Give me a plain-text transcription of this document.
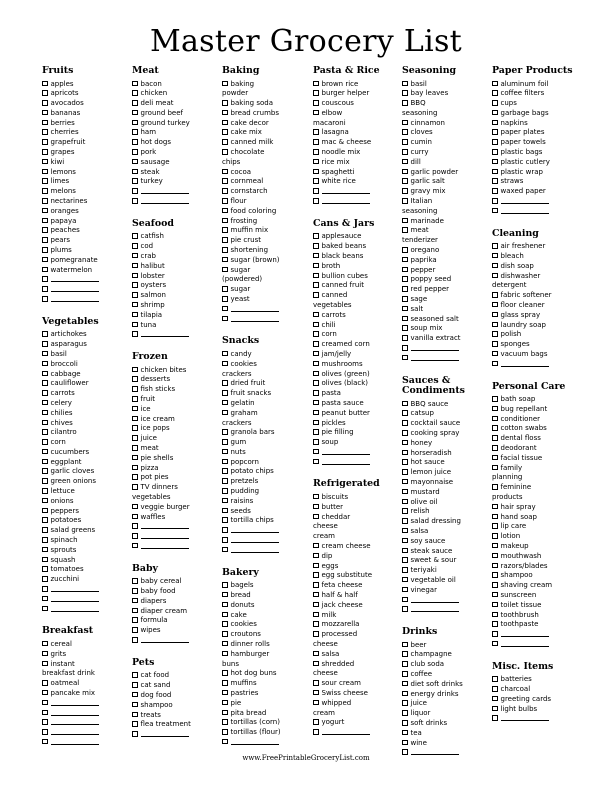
Master Grocery List
Fruits
apples
apricots
avocados
bananas
berries
cherries
grapefruit
grapes
kiwi
lemons
limes
melons
nectarines
oranges
papaya
peaches
pears
plums
pomegranate
watermelon
Vegetables
artichokes
asparagus
basil
broccoli
cabbage
cauliflower
carrots
celery
chilies
chives
cilantro
corn
cucumbers
eggplant
garlic cloves
green onions
lettuce
onions
peppers
potatoes
salad greens
spinach
sprouts
squash
tomatoes
zucchini
Breakfast
cereal
grits
instant
breakfast drink
oatmeal
pancake mix
Meat
bacon
chicken
deli meat
ground beef
ground turkey
ham
hot dogs
pork
sausage
steak
turkey
Seafood
catfish
cod
crab
halibut
lobster
oysters
salmon
shrimp
tilapia
tuna
Frozen
chicken bites
desserts
fish sticks
fruit
ice
ice cream
ice pops
juice
meat
pie shells
pizza
pot pies
TV dinners
vegetables
veggie burger
waffles
Baby
baby cereal
baby food
diapers
diaper cream
formula
wipes
Pets
cat food
cat sand
dog food
shampoo
treats
flea treatment
Baking
baking
powder
baking soda
bread crumbs
cake decor
cake mix
canned milk
chocolate
chips
cocoa
cornmeal
cornstarch
flour
food coloring
frosting
muffin mix
pie crust
shortening
sugar (brown)
sugar
(powdered)
sugar
yeast
Snacks
candy
cookies
crackers
dried fruit
fruit snacks
gelatin
graham
crackers
granola bars
gum
nuts
popcorn
potato chips
pretzels
pudding
raisins
seeds
tortilla chips
Bakery
bagels
bread
donuts
cake
cookies
croutons
dinner rolls
hamburger
buns
hot dog buns
muffins
pastries
pie
pita bread
tortillas (corn)
tortillas (flour)
Pasta & Rice
brown rice
burger helper
couscous
elbow
macaroni
lasagna
mac & cheese
noodle mix
rice mix
spaghetti
white rice
Cans & Jars
applesauce
baked beans
black beans
broth
bullion cubes
canned fruit
canned
vegetables
carrots
chili
corn
creamed corn
jam/jelly
mushrooms
olives (green)
olives (black)
pasta
pasta sauce
peanut butter
pickles
pie filling
soup
Refrigerated
biscuits
butter
cheddar
cheese
cream
cream cheese
dip
eggs
egg substitute
feta cheese
half & half
jack cheese
milk
mozzarella
processed
cheese
salsa
shredded
cheese
sour cream
Swiss cheese
whipped
cream
yogurt
Seasoning
basil
bay leaves
BBQ
seasoning
cinnamon
cloves
cumin
curry
dill
garlic powder
garlic salt
gravy mix
Italian
seasoning
marinade
meat
tenderizer
oregano
paprika
pepper
poppy seed
red pepper
sage
salt
seasoned salt
soup mix
vanilla extract
Sauces & Condiments
BBQ sauce
catsup
cocktail sauce
cooking spray
honey
horseradish
hot sauce
lemon juice
mayonnaise
mustard
olive oil
relish
salad dressing
salsa
soy sauce
steak sauce
sweet & sour
teriyaki
vegetable oil
vinegar
Drinks
beer
champagne
club soda
coffee
diet soft drinks
energy drinks
juice
liquor
soft drinks
tea
wine
Paper Products
aluminum foil
coffee filters
cups
garbage bags
napkins
paper plates
paper towels
plastic bags
plastic cutlery
plastic wrap
straws
waxed paper
Cleaning
air freshener
bleach
dish soap
dishwasher
detergent
fabric softener
floor cleaner
glass spray
laundry soap
polish
sponges
vacuum bags
Personal Care
bath soap
bug repellant
conditioner
cotton swabs
dental floss
deodorant
facial tissue
family
planning
feminine
products
hair spray
hand soap
lip care
lotion
makeup
mouthwash
razors/blades
shampoo
shaving cream
sunscreen
toilet tissue
toothbrush
toothpaste
Misc. Items
batteries
charcoal
greeting cards
light bulbs
www.FreePrintableGroceryList.com
